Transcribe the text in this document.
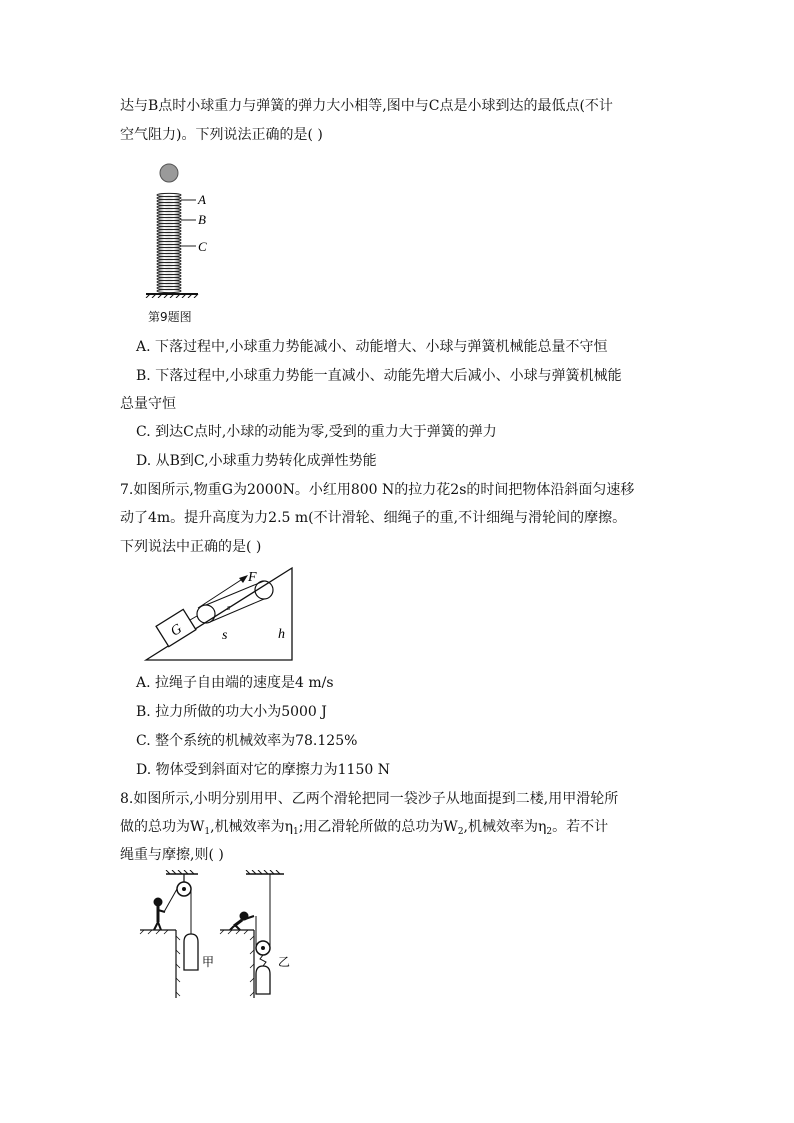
达与B点时小球重力与弹簧的弹力大小相等,图中与C点是小球到达的最低点(不计
空气阻力)。下列说法正确的是( )
A
B
C
第9题图
A. 下落过程中,小球重力势能减小、动能增大、小球与弹簧机械能总量不守恒
B. 下落过程中,小球重力势能一直减小、动能先增大后减小、小球与弹簧机械能
总量守恒
C. 到达C点时,小球的动能为零,受到的重力大于弹簧的弹力
D. 从B到C,小球重力势转化成弹性势能
7.如图所示,物重G为2000N。小红用800 N的拉力花2s的时间把物体沿斜面匀速移
动了4m。提升高度为力2.5 m(不计滑轮、细绳子的重,不计细绳与滑轮间的摩擦。
下列说法中正确的是( )
G
F
s
s	h
A. 拉绳子自由端的速度是4 m/s
B. 拉力所做的功大小为5000 J
C. 整个系统的机械效率为78.125%
D. 物体受到斜面对它的摩擦力为1150 N
8.如图所示,小明分别用甲、乙两个滑轮把同一袋沙子从地面提到二楼,用甲滑轮所
做的总功为$W_1$,机械效率为$\eta_1$;用乙滑轮所做的总功为$W_2$,机械效率为$\eta_2$。若不计
绳重与摩擦,则( )
甲	乙
